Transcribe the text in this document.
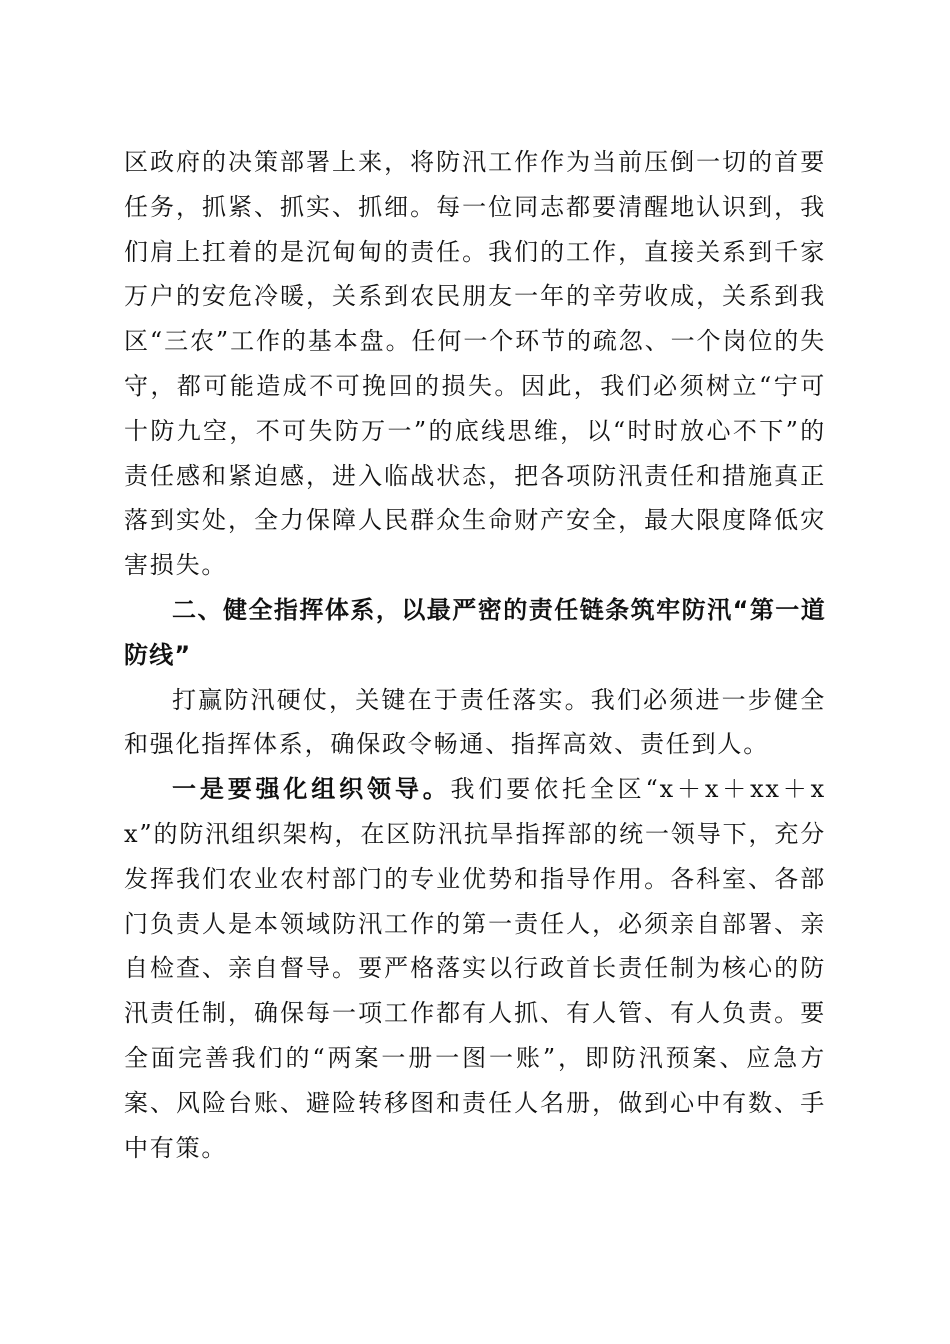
区政府的决策部署上来，将防汛工作作为当前压倒一切的首要任务，抓紧、抓实、抓细。每一位同志都要清醒地认识到，我们肩上扛着的是沉甸甸的责任。我们的工作，直接关系到千家万户的安危冷暖，关系到农民朋友一年的辛劳收成，关系到我区“三农”工作的基本盘。任何一个环节的疏忽、一个岗位的失守，都可能造成不可挽回的损失。因此，我们必须树立“宁可十防九空，不可失防万一”的底线思维，以“时时放心不下”的责任感和紧迫感，进入临战状态，把各项防汛责任和措施真正落到实处，全力保障人民群众生命财产安全，最大限度降低灾害损失。

二、健全指挥体系，以最严密的责任链条筑牢防汛“第一道防线”

打赢防汛硬仗，关键在于责任落实。我们必须进一步健全和强化指挥体系，确保政令畅通、指挥高效、责任到人。

一是要强化组织领导。我们要依托全区“x＋x＋xx＋xx”的防汛组织架构，在区防汛抗旱指挥部的统一领导下，充分发挥我们农业农村部门的专业优势和指导作用。各科室、各部门负责人是本领域防汛工作的第一责任人，必须亲自部署、亲自检查、亲自督导。要严格落实以行政首长责任制为核心的防汛责任制，确保每一项工作都有人抓、有人管、有人负责。要全面完善我们的“两案一册一图一账”，即防汛预案、应急方案、风险台账、避险转移图和责任人名册，做到心中有数、手中有策。
